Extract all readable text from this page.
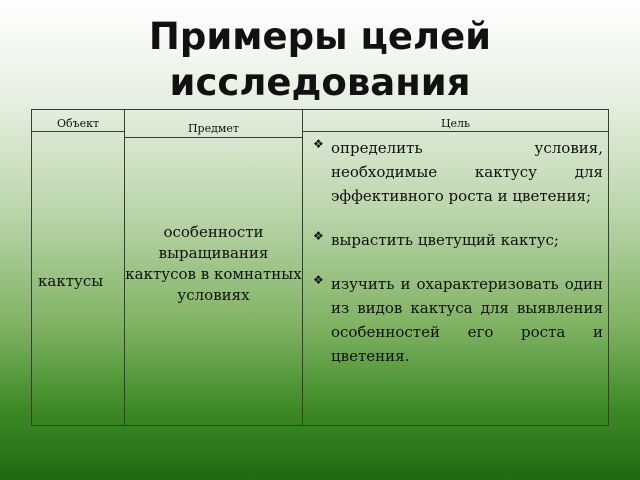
Примеры целей
исследования
Объект
кактусы
Предмет
особенности выращивания кактусов в комнатных условиях
Цель
❖ определить условия, необходимые кактусу для эффективного роста и цветения;
❖ вырастить цветущий кактус;
❖ изучить и охарактеризовать один из видов кактуса для выявления особенностей его роста и цветения.
